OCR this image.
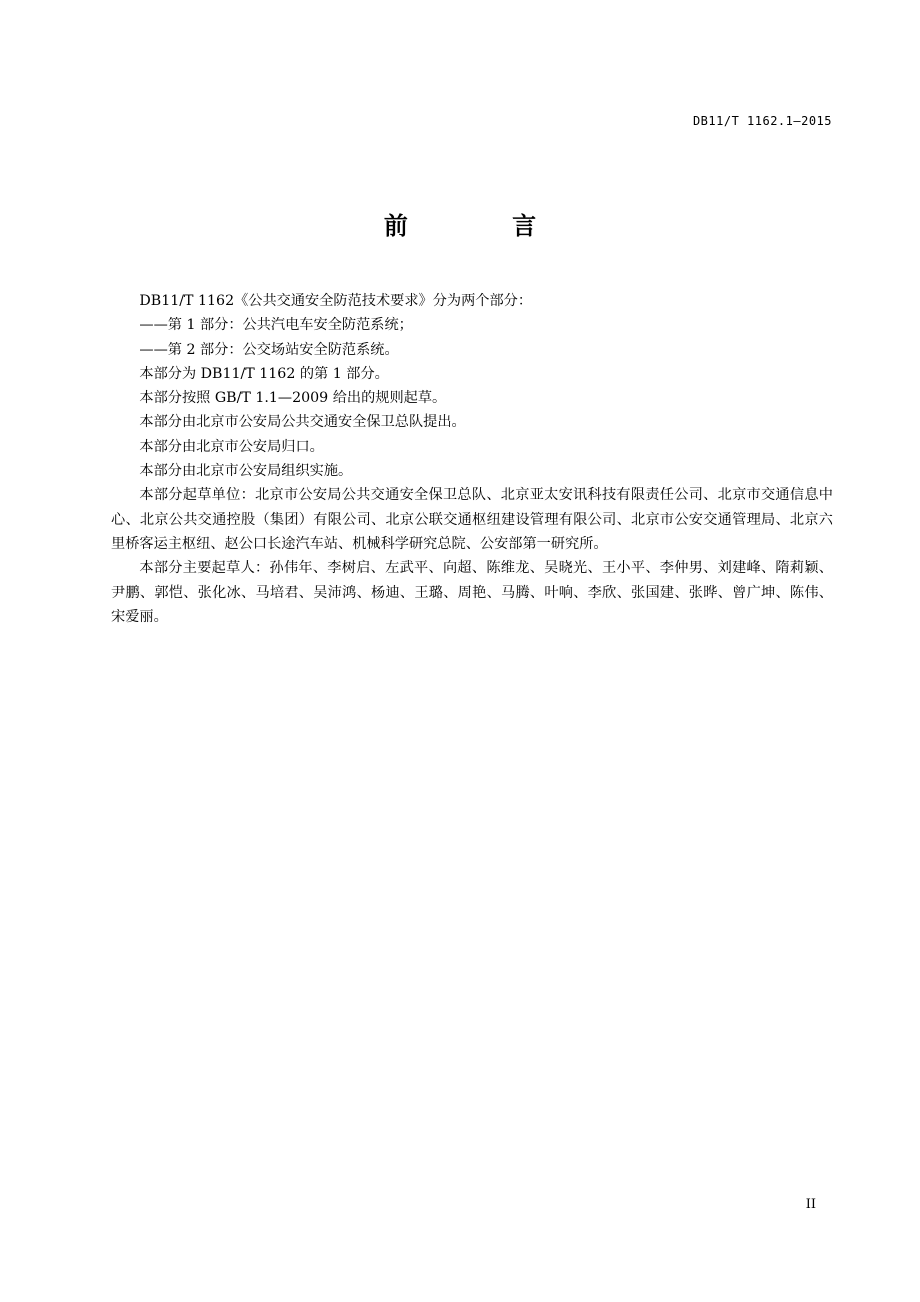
DB11/T 1162.1—2015
前 言

DB11/T 1162《公共交通安全防范技术要求》分为两个部分：

——第 1 部分：公共汽电车安全防范系统；

——第 2 部分：公交场站安全防范系统。

本部分为 DB11/T 1162 的第 1 部分。

本部分按照 GB/T 1.1—2009 给出的规则起草。

本部分由北京市公安局公共交通安全保卫总队提出。

本部分由北京市公安局归口。

本部分由北京市公安局组织实施。

本部分起草单位：北京市公安局公共交通安全保卫总队、北京亚太安讯科技有限责任公司、北京市交通信息中心、北京公共交通控股（集团）有限公司、北京公联交通枢纽建设管理有限公司、北京市公安交通管理局、北京六里桥客运主枢纽、赵公口长途汽车站、机械科学研究总院、公安部第一研究所。

本部分主要起草人：孙伟年、李树启、左武平、向超、陈维龙、吴晓光、王小平、李仲男、刘建峰、隋莉颖、尹鹏、郭恺、张化冰、马培君、吴沛鸿、杨迪、王璐、周艳、马腾、叶响、李欣、张国建、张晔、曾广坤、陈伟、宋爱丽。

II
